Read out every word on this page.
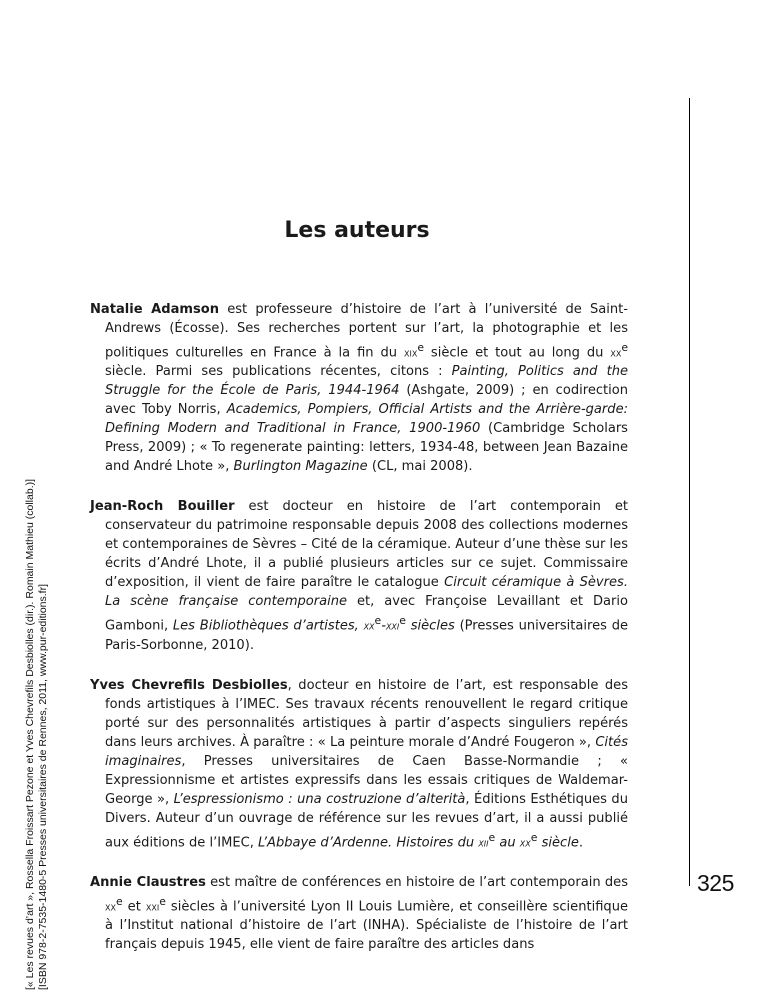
[« Les revues d’art », Rossella Froissart Pezone et Yves Chevrefils Desbiolles (dir.). Romain Mathieu (collab.)] [ISBN 978-2-7535-1480-5 Presses universitaires de Rennes, 2011, www.pur-editions.fr]	325
Les auteurs

Natalie Adamson est professeure d’histoire de l’art à l’université de Saint-Andrews (Écosse). Ses recherches portent sur l’art, la photographie et les politiques culturelles en France à la fin du xix$^e$ siècle et tout au long du $xx^e$ siècle. Parmi ses publications récentes, citons : Painting, Politics and the Struggle for the École de Paris, 1944-1964 (Ashgate, 2009) ; en codirection avec Toby Norris, Academics, Pompiers, Official Artists and the Arrière-garde: Defining Modern and Traditional in France, 1900-1960 (Cambridge Scholars Press, 2009) ; « To regenerate painting: letters, 1934-48, between Jean Bazaine and André Lhote », Burlington Magazine (CL, mai 2008).

Jean-Roch Bouiller est docteur en histoire de l’art contemporain et conservateur du patrimoine responsable depuis 2008 des collections modernes et contemporaines de Sèvres – Cité de la céramique. Auteur d’une thèse sur les écrits d’André Lhote, il a publié plusieurs articles sur ce sujet. Commissaire d’exposition, il vient de faire paraître le catalogue Circuit céramique à Sèvres. La scène française contemporaine et, avec Françoise Levaillant et Dario Gamboni, Les Bibliothèques d’artistes, $xx^e-xxi^e$ siècles (Presses universitaires de Paris-Sorbonne, 2010).

Yves Chevrefils Desbiolles, docteur en histoire de l’art, est responsable des fonds artistiques à l’IMEC. Ses travaux récents renouvellent le regard critique porté sur des personnalités artistiques à partir d’aspects singuliers repérés dans leurs archives. À paraître : « La peinture morale d’André Fougeron », Cités imaginaires, Presses universitaires de Caen Basse-Normandie ; « Expressionnisme et artistes expressifs dans les essais critiques de Waldemar-George », L’espressionismo : una costruzione d’alterità, Éditions Esthétiques du Divers. Auteur d’un ouvrage de référence sur les revues d’art, il a aussi publié aux éditions de l’IMEC, L’Abbaye d’Ardenne. Histoires du xii$^e$ au $xx^e$ siècle.

Annie Claustres est maître de conférences en histoire de l’art contemporain des $xx^e$ et xxi$^e$ siècles à l’université Lyon II Louis Lumière, et conseillère scientifique à l’Institut national d’histoire de l’art (INHA). Spécialiste de l’histoire de l’art français depuis 1945, elle vient de faire paraître des articles dans
